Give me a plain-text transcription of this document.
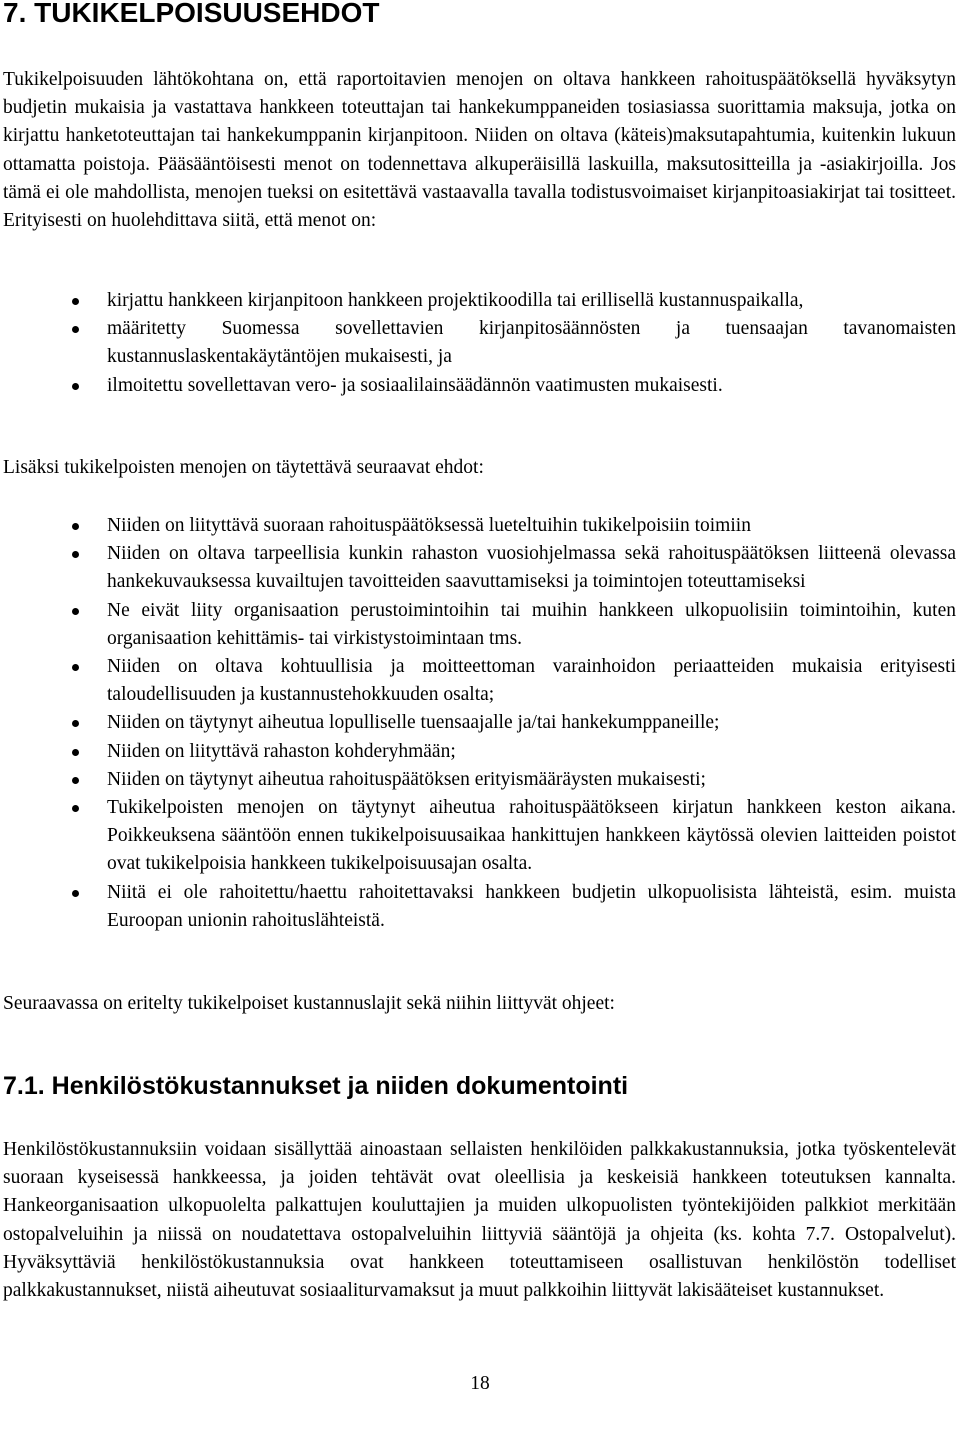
7. TUKIKELPOISUUSEHDOT

Tukikelpoisuuden lähtökohtana on, että raportoitavien menojen on oltava hankkeen rahoituspäätöksellä hyväksytyn budjetin mukaisia ja vastattava hankkeen toteuttajan tai hankekumppaneiden tosiasiassa suorittamia maksuja, jotka on kirjattu hanketoteuttajan tai hankekumppanin kirjanpitoon. Niiden on oltava (käteis)maksutapahtumia, kuitenkin lukuun ottamatta poistoja. Pääsääntöisesti menot on todennettava alkuperäisillä laskuilla, maksutositteilla ja -asiakirjoilla. Jos tämä ei ole mahdollista, menojen tueksi on esitettävä vastaavalla tavalla todistusvoimaiset kirjanpitoasiakirjat tai tositteet. Erityisesti on huolehdittava siitä, että menot on:

kirjattu hankkeen kirjanpitoon hankkeen projektikoodilla tai erillisellä kustannuspaikalla,
määritetty Suomessa sovellettavien kirjanpitosäännösten ja tuensaajan tavanomaisten kustannuslaskentakäytäntöjen mukaisesti, ja
ilmoitettu sovellettavan vero- ja sosiaalilainsäädännön vaatimusten mukaisesti.

Lisäksi tukikelpoisten menojen on täytettävä seuraavat ehdot:

Niiden on liityttävä suoraan rahoituspäätöksessä lueteltuihin tukikelpoisiin toimiin
Niiden on oltava tarpeellisia kunkin rahaston vuosiohjelmassa sekä rahoituspäätöksen liitteenä olevassa hankekuvauksessa kuvailtujen tavoitteiden saavuttamiseksi ja toimintojen toteuttamiseksi
Ne eivät liity organisaation perustoimintoihin tai muihin hankkeen ulkopuolisiin toimintoihin, kuten organisaation kehittämis- tai virkistystoimintaan tms.
Niiden on oltava kohtuullisia ja moitteettoman varainhoidon periaatteiden mukaisia erityisesti taloudellisuuden ja kustannustehokkuuden osalta;
Niiden on täytynyt aiheutua lopulliselle tuensaajalle ja/tai hankekumppaneille;
Niiden on liityttävä rahaston kohderyhmään;
Niiden on täytynyt aiheutua rahoituspäätöksen erityismääräysten mukaisesti;
Tukikelpoisten menojen on täytynyt aiheutua rahoituspäätökseen kirjatun hankkeen keston aikana. Poikkeuksena sääntöön ennen tukikelpoisuusaikaa hankittujen hankkeen käytössä olevien laitteiden poistot ovat tukikelpoisia hankkeen tukikelpoisuusajan osalta.
Niitä ei ole rahoitettu/haettu rahoitettavaksi hankkeen budjetin ulkopuolisista lähteistä, esim. muista Euroopan unionin rahoituslähteistä.

Seuraavassa on eritelty tukikelpoiset kustannuslajit sekä niihin liittyvät ohjeet:

7.1. Henkilöstökustannukset ja niiden dokumentointi

Henkilöstökustannuksiin voidaan sisällyttää ainoastaan sellaisten henkilöiden palkkakustannuksia, jotka työskentelevät suoraan kyseisessä hankkeessa, ja joiden tehtävät ovat oleellisia ja keskeisiä hankkeen toteutuksen kannalta. Hankeorganisaation ulkopuolelta palkattujen kouluttajien ja muiden ulkopuolisten työntekijöiden palkkiot merkitään ostopalveluihin ja niissä on noudatettava ostopalveluihin liittyviä sääntöjä ja ohjeita (ks. kohta 7.7. Ostopalvelut). Hyväksyttäviä henkilöstökustannuksia ovat hankkeen toteuttamiseen osallistuvan henkilöstön todelliset palkkakustannukset, niistä aiheutuvat sosiaaliturvamaksut ja muut palkkoihin liittyvät lakisääteiset kustannukset.

18
